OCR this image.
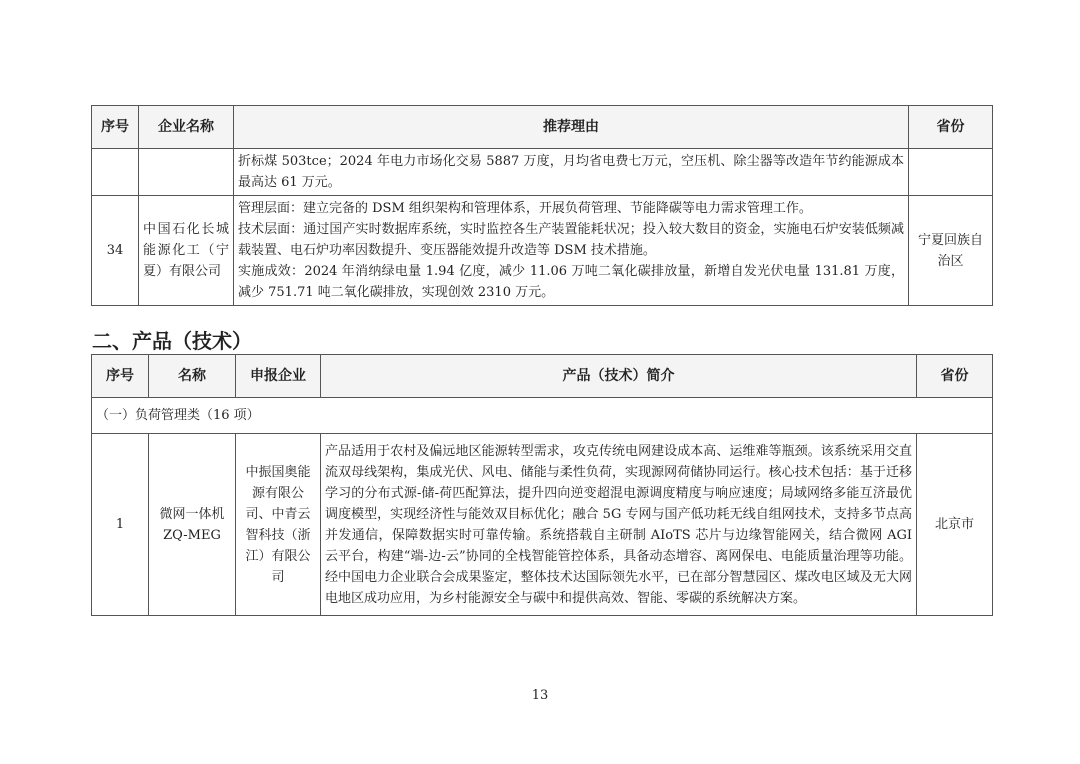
序号	企业名称	推荐理由	省份
		折标煤 503tce；2024 年电力市场化交易 5887 万度，月均省电费七万元，空压机、除尘器等改造年节约能源成本最高达 61 万元。	
34	中国石化长城能源化工（宁夏）有限公司	管理层面：建立完备的 DSM 组织架构和管理体系，开展负荷管理、节能降碳等电力需求管理工作。
技术层面：通过国产实时数据库系统，实时监控各生产装置能耗状况；投入较大数目的资金，实施电石炉安装低频减载装置、电石炉功率因数提升、变压器能效提升改造等 DSM 技术措施。
实施成效：2024 年消纳绿电量 1.94 亿度，减少 11.06 万吨二氧化碳排放量，新增自发光伏电量 131.81 万度，减少 751.71 吨二氧化碳排放，实现创效 2310 万元。	宁夏回族自治区
二、产品（技术）
序号	名称	申报企业	产品（技术）简介	省份
（一）负荷管理类（16 项）				
1	微网一体机 ZQ-MEG	中振国奥能源有限公司、中青云智科技（浙江）有限公司	产品适用于农村及偏远地区能源转型需求，攻克传统电网建设成本高、运维难等瓶颈。该系统采用交直流双母线架构，集成光伏、风电、储能与柔性负荷，实现源网荷储协同运行。核心技术包括：基于迁移学习的分布式源-储-荷匹配算法，提升四向逆变超混电源调度精度与响应速度；局域网络多能互济最优调度模型，实现经济性与能效双目标优化；融合 5G 专网与国产低功耗无线自组网技术，支持多节点高并发通信，保障数据实时可靠传输。系统搭载自主研制 AIoTS 芯片与边缘智能网关，结合微网 AGI 云平台，构建“端-边-云”协同的全栈智能管控体系，具备动态增容、离网保电、电能质量治理等功能。经中国电力企业联合会成果鉴定，整体技术达国际领先水平，已在部分智慧园区、煤改电区域及无大网电地区成功应用，为乡村能源安全与碳中和提供高效、智能、零碳的系统解决方案。	北京市
13
